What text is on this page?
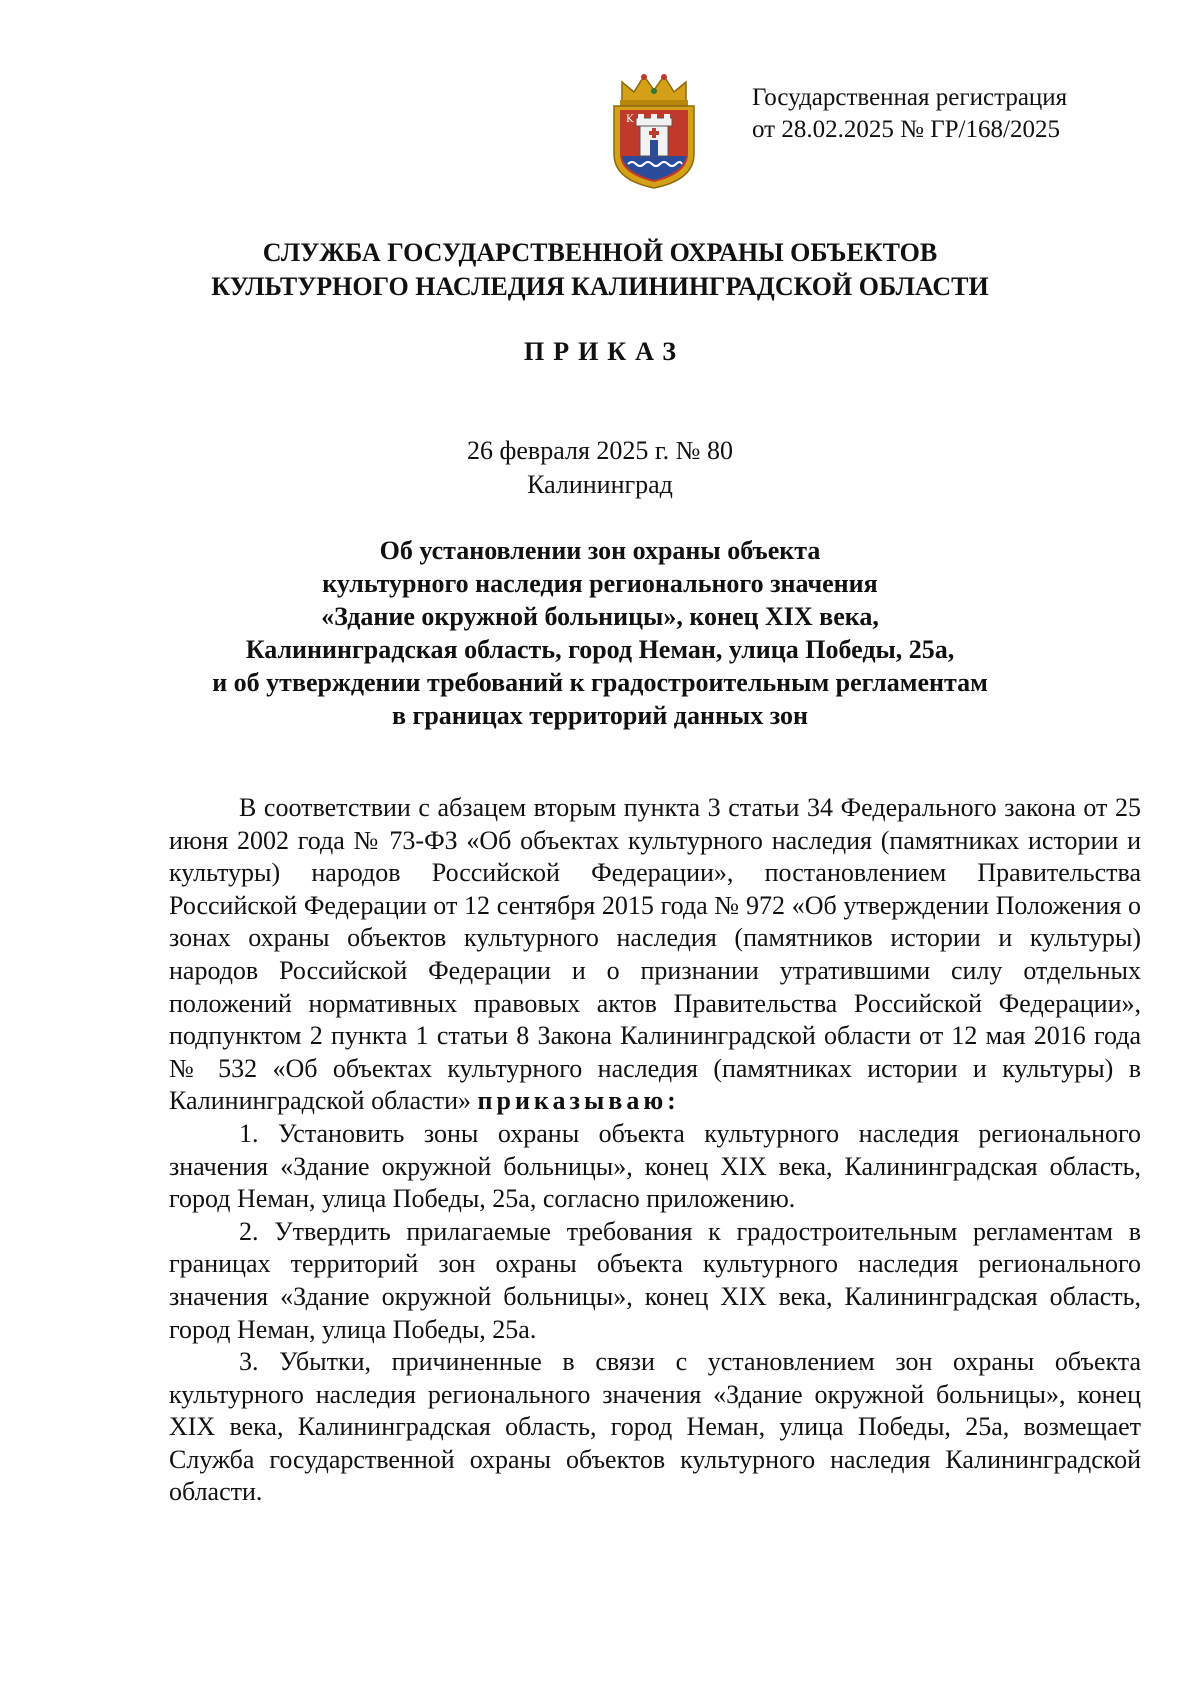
K
Государственная регистрация
от 28.02.2025 № ГР/168/2025
СЛУЖБА ГОСУДАРСТВЕННОЙ ОХРАНЫ ОБЪЕКТОВ
КУЛЬТУРНОГО НАСЛЕДИЯ КАЛИНИНГРАДСКОЙ ОБЛАСТИ
ПРИКАЗ
26 февраля 2025 г. № 80
Калининград
Об установлении зон охраны объекта
культурного наследия регионального значения
«Здание окружной больницы», конец XIX века,
Калининградская область, город Неман, улица Победы, 25а,
и об утверждении требований к градостроительным регламентам
в границах территорий данных зон

В соответствии с абзацем вторым пункта 3 статьи 34 Федерального закона от 25 июня 2002 года № 73-ФЗ «Об объектах культурного наследия (памятниках истории и культуры) народов Российской Федерации», постановлением Правительства Российской Федерации от 12 сентября 2015 года № 972 «Об утверждении Положения о зонах охраны объектов культурного наследия (памятников истории и культуры) народов Российской Федерации и о признании утратившими силу отдельных положений нормативных правовых актов Правительства Российской Федерации», подпунктом 2 пункта 1 статьи 8 Закона Калининградской области от 12 мая 2016 года № 532 «Об объектах культурного наследия (памятниках истории и культуры) в Калининградской области» приказываю:

1. Установить зоны охраны объекта культурного наследия регионального значения «Здание окружной больницы», конец XIX века, Калининградская область, город Неман, улица Победы, 25а, согласно приложению.

2. Утвердить прилагаемые требования к градостроительным регламентам в границах территорий зон охраны объекта культурного наследия регионального значения «Здание окружной больницы», конец XIX века, Калининградская область, город Неман, улица Победы, 25а.

3. Убытки, причиненные в связи с установлением зон охраны объекта культурного наследия регионального значения «Здание окружной больницы», конец XIX века, Калининградская область, город Неман, улица Победы, 25а, возмещает Служба государственной охраны объектов культурного наследия Калининградской области.
